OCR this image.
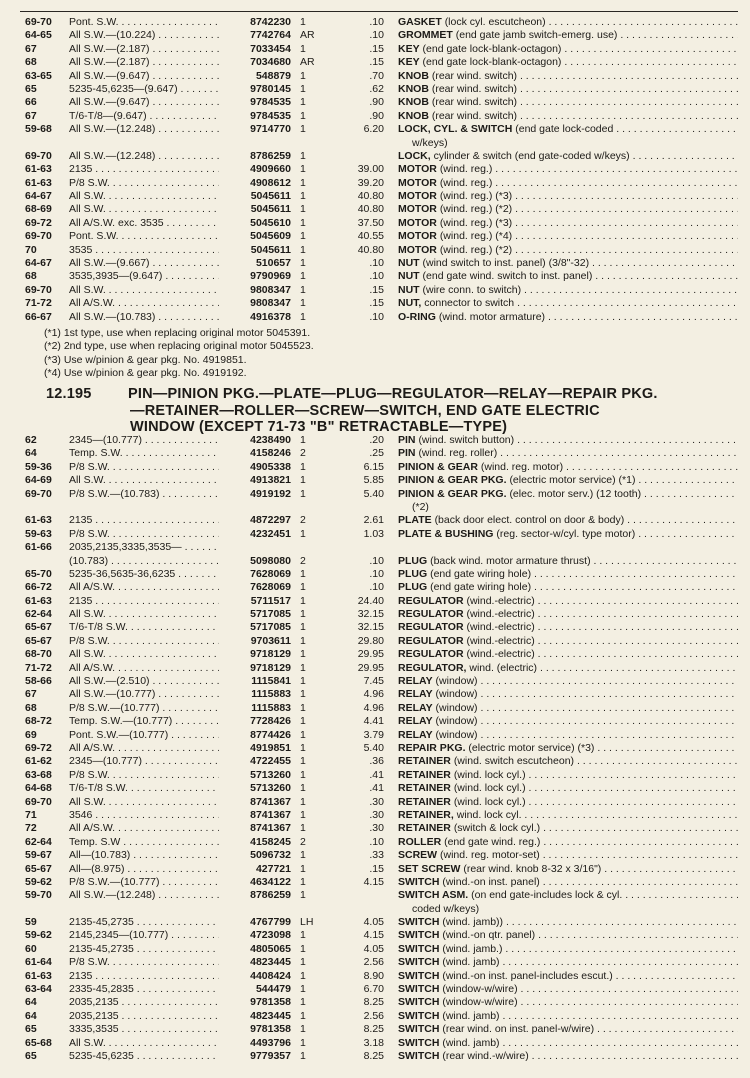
69-70	Pont. S.W. . . .	8742230 1	.10 GASKET (lock cyl. escutcheon) . . .
64-65	All S.W.—(10.224) . . .	7742764 AR	.10 GROMMET (end gate jamb switch-emerg. use) . . .
67	All S.W.—(2.187) . . .	7033454 1	.15 KEY (end gate lock-blank-octagon) . . .
68	All S.W.—(2.187) . . .	7034680 AR	.15 KEY (end gate lock-blank-octagon) . . .
63-65	All S.W.—(9.647) . . .	548879 1	.70 KNOB (rear wind. switch) . . .
65	5235-45,6235—(9.647) . . .	9780145 1	.62 KNOB (rear wind. switch) . . .
66	All S.W.—(9.647) . . .	9784535 1	.90 KNOB (rear wind. switch) . . .
67	T/6-T/8—(9.647) . . .	9784535 1	.90 KNOB (rear wind. switch) . . .
59-68	All S.W.—(12.248) . . .	9714770 1	6.20 LOCK, CYL. & SWITCH (end gate lock-coded . . .
w/keys)
69-70	All S.W.—(12.248) . . .	8786259 1	LOCK, cylinder & switch (end gate-coded w/keys) . . .
61-63	2135 . . .	4909660 1	39.00 MOTOR (wind. reg.) . . .
61-63	P/8 S.W. . . .	4908612 1	39.20 MOTOR (wind. reg.) . . .
64-67	All S.W. . . .	5045611 1	40.80 MOTOR (wind. reg.) (*3) . . .
68-69	All S.W. . . .	5045611 1	40.80 MOTOR (wind. reg.) (*2) . . .
69-72	All A/S.W. exc. 3535 . . .	5045610 1	37.50 MOTOR (wind. reg.) (*3) . . .
69-70	Pont. S.W. . . .	5045609 1	40.55 MOTOR (wind. reg.) (*4) . . .
70	3535 . . .	5045611 1	40.80 MOTOR (wind. reg.) (*2) . . .
64-67	All S.W.—(9.667) . . .	510657 1	.10 NUT (wind switch to inst. panel) (3/8"-32) . . .
68	3535,3935—(9.647) . . .	9790969 1	.10 NUT (end gate wind. switch to inst. panel) . . .
69-70	All S.W. . . .	9808347 1	.15 NUT (wire conn. to switch) . . .
71-72	All A/S.W. . . .	9808347 1	.15 NUT, connector to switch . . .
66-67	All S.W.—(10.783) . . .	4916378 1	.10 O-RING (wind. motor armature) . . .
(*1) 1st type, use when replacing original motor 5045391.
(*2) 2nd type, use when replacing original motor 5045523.
(*3) Use w/pinion & gear pkg. No. 4919851.
(*4) Use w/pinion & gear pkg. No. 4919192.
12.195	PIN—PINION PKG.—PLATE—PLUG—REGULATOR—RELAY—REPAIR PKG.
—RETAINER—ROLLER—SCREW—SWITCH, END GATE ELECTRIC
WINDOW (EXCEPT 71-73 "B" RETRACTABLE—TYPE)
62	2345—(10.777) . . .	4238490 1	.20 PIN (wind. switch button) . . .
64	Temp. S.W. . . .	4158246 2	.25 PIN (wind. reg. roller) . . .
59-36	P/8 S.W. . . .	4905338 1	6.15 PINION & GEAR (wind. reg. motor) . . .
64-69	All S.W. . . .	4913821 1	5.85 PINION & GEAR PKG. (electric motor service) (*1) . . .
69-70	P/8 S.W.—(10.783) . . .	4919192 1	5.40 PINION & GEAR PKG. (elec. motor serv.) (12 tooth) . . .
(*2)
61-63	2135 . . .	4872297 2	2.61 PLATE (back door elect. control on door & body) . . .
59-63	P/8 S.W. . . .	4232451 1	1.03 PLATE & BUSHING (reg. sector-w/cyl. type motor) . . .
61-66	2035,2135,3335,3535— . . .
(10.783) . . .	5098080 2	.10 PLUG (back wind. motor armature thrust) . . .
65-70	5235-36,5635-36,6235 . . .	7628069 1	.10 PLUG (end gate wiring hole) . . .
66-72	All A/S.W. . . .	7628069 1	.10 PLUG (end gate wiring hole) . . .
61-63	2135 . . .	5711517 1	24.40 REGULATOR (wind.-electric) . . .
62-64	All S.W. . . .	5717085 1	32.15 REGULATOR (wind.-electric) . . .
65-67	T/6-T/8 S.W. . . .	5717085 1	32.15 REGULATOR (wind.-electric) . . .
65-67	P/8 S.W. . . .	9703611 1	29.80 REGULATOR (wind.-electric) . . .
68-70	All S.W. . . .	9718129 1	29.95 REGULATOR (wind.-electric) . . .
71-72	All A/S.W. . . .	9718129 1	29.95 REGULATOR, wind. (electric) . . .
58-66	All S.W.—(2.510) . . .	1115841 1	7.45 RELAY (window) . . .
67	All S.W.—(10.777) . . .	1115883 1	4.96 RELAY (window) . . .
68	P/8 S.W.—(10.777) . . .	1115883 1	4.96 RELAY (window) . . .
68-72	Temp. S.W.—(10.777) . . .	7728426 1	4.41 RELAY (window) . . .
69	Pont. S.W.—(10.777) . . .	8774426 1	3.79 RELAY (window) . . .
69-72	All A/S.W. . . .	4919851 1	5.40 REPAIR PKG. (electric motor service) (*3) . . .
61-62	2345—(10.777) . . .	4722455 1	.36 RETAINER (wind. switch escutcheon) . . .
63-68	P/8 S.W. . . .	5713260 1	.41 RETAINER (wind. lock cyl.) . . .
64-68	T/6-T/8 S.W. . . .	5713260 1	.41 RETAINER (wind. lock cyl.) . . .
69-70	All S.W. . . .	8741367 1	.30 RETAINER (wind. lock cyl.) . . .
71	3546 . . .	8741367 1	.30 RETAINER, wind. lock cyl. . . .
72	All A/S.W. . . .	8741367 1	.30 RETAINER (switch & lock cyl.) . . .
62-64	Temp. S.W . . .	4158245 2	.10 ROLLER (end gate wind. reg.) . . .
59-67	All—(10.783) . . .	5096732 1	.33 SCREW (wind. reg. motor-set) . . .
65-67	All—(8.975) . . .	427721 1	.15 SET SCREW (rear wind. knob 8-32 x 3/16") . . .
59-62	P/8 S.W.—(10.777) . . .	4634122 1	4.15 SWITCH (wind.-on inst. panel) . . .
59-70	All S.W.—(12.248) . . .	8786259 1	SWITCH ASM. (on end gate-includes lock & cyl. . . .
coded w/keys)
59	2135-45,2735 . . .	4767799 LH	4.05 SWITCH (wind. jamb)) . . .
59-62	2145,2345—(10.777) . . .	4723098 1	4.15 SWITCH (wind.-on qtr. panel) . . .
60	2135-45,2735 . . .	4805065 1	4.05 SWITCH (wind. jamb.) . . .
61-64	P/8 S.W. . . .	4823445 1	2.56 SWITCH (wind. jamb) . . .
61-63	2135 . . .	4408424 1	8.90 SWITCH (wind.-on inst. panel-includes escut.) . . .
63-64	2335-45,2835 . . .	544479 1	6.70 SWITCH (window-w/wire) . . .
64	2035,2135 . . .	9781358 1	8.25 SWITCH (window-w/wire) . . .
64	2035,2135 . . .	4823445 1	2.56 SWITCH (wind. jamb) . . .
65	3335,3535 . . .	9781358 1	8.25 SWITCH (rear wind. on inst. panel-w/wire) . . .
65-68	All S.W. . . .	4493796 1	3.18 SWITCH (wind. jamb) . . .
65	5235-45,6235 . . .	9779357 1	8.25 SWITCH (rear wind.-w/wire) . . .
